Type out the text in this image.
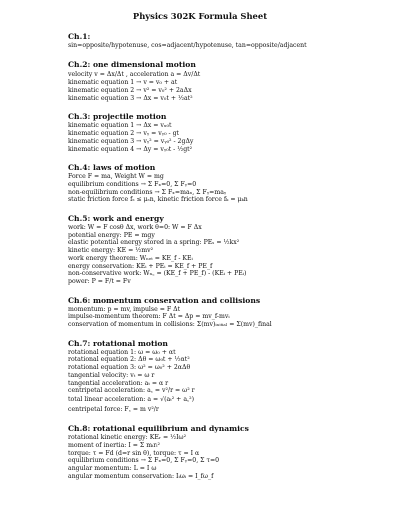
Physics 302K Formula Sheet
Ch.1:
sin=opposite/hypotenuse, cos=adjacent/hypotenuse, tan=opposite/adjacent
Ch.2: one dimensional motion
velocity v = Δx/Δt , acceleration a = Δv/Δt
kinematic equation 1 → v = v₀ + at
kinematic equation 2 → v² = v₀² + 2aΔx
kinematic equation 3 → Δx = v₀t + ½at²
Ch.3: projectile motion
kinematic equation 1 → Δx = vₓ₀t
kinematic equation 2 → vᵧ = vᵧ₀ - gt
kinematic equation 3 → vᵧ² = vᵧ₀² - 2gΔy
kinematic equation 4 → Δy = vᵧ₀t - ½gt²
Ch.4: laws of motion
Force F = ma, Weight W = mg
equilibrium conditions → Σ Fₓ=0, Σ Fᵧ=0
non-equilibrium conditions → Σ Fₓ=maₓ, Σ Fᵧ=maᵧ
static friction force fₛ ≤ μₛn, kinetic friction force fₖ = μₖn
Ch.5: work and energy
work: W = F cosθ Δx, work θ=0: W = F Δx
potential energy: PE = mgy
elastic potential energy stored in a spring: PEₛ = ½kx²
kinetic energy: KE = ½mv²
work energy theorem: Wₙₑₜ = KE_f - KEᵢ
energy conservation: KEᵢ + PEᵢ = KE_f + PE_f
non-conservative work: Wₙ꜀ = (KE_f + PE_f) - (KEᵢ + PEᵢ)
power: P = F/t = Fv
Ch.6: momentum conservation and collisions
momentum: p = mv, impulse = F Δt
impulse-momentum theorem: F Δt = Δp = mv_f-mvᵢ
conservation of momentum in collisions: Σ(mv)ᵢₙᵢₜᵢₐₗ = Σ(mv)_final
Ch.7: rotational motion
rotational equation 1: ω = ω₀ + αt
rotational equation 2: Δθ = ω₀t + ½αt²
rotational equation 3: ω² = ω₀² + 2αΔθ
tangential velocity: vₜ = ω r
tangential acceleration: aₜ = α r
centripetal acceleration: a꜀ = v²/r = ω² r
total linear acceleration: a = √(aₜ² + a꜀²)
centripetal force: F꜀ = m v²/r
Ch.8: rotational equilibrium and dynamics
rotational kinetic energy: KEᵣ = ½Iω²
moment of inertia: I = Σ mᵢrᵢ²
torque: τ = Fd (d=r sin θ), torque: τ = I α
equilibrium conditions → Σ Fₓ=0, Σ Fᵧ=0, Σ τ=0
angular momentum: L = I ω
angular momentum conservation: Iᵢωᵢ = I_fω_f
